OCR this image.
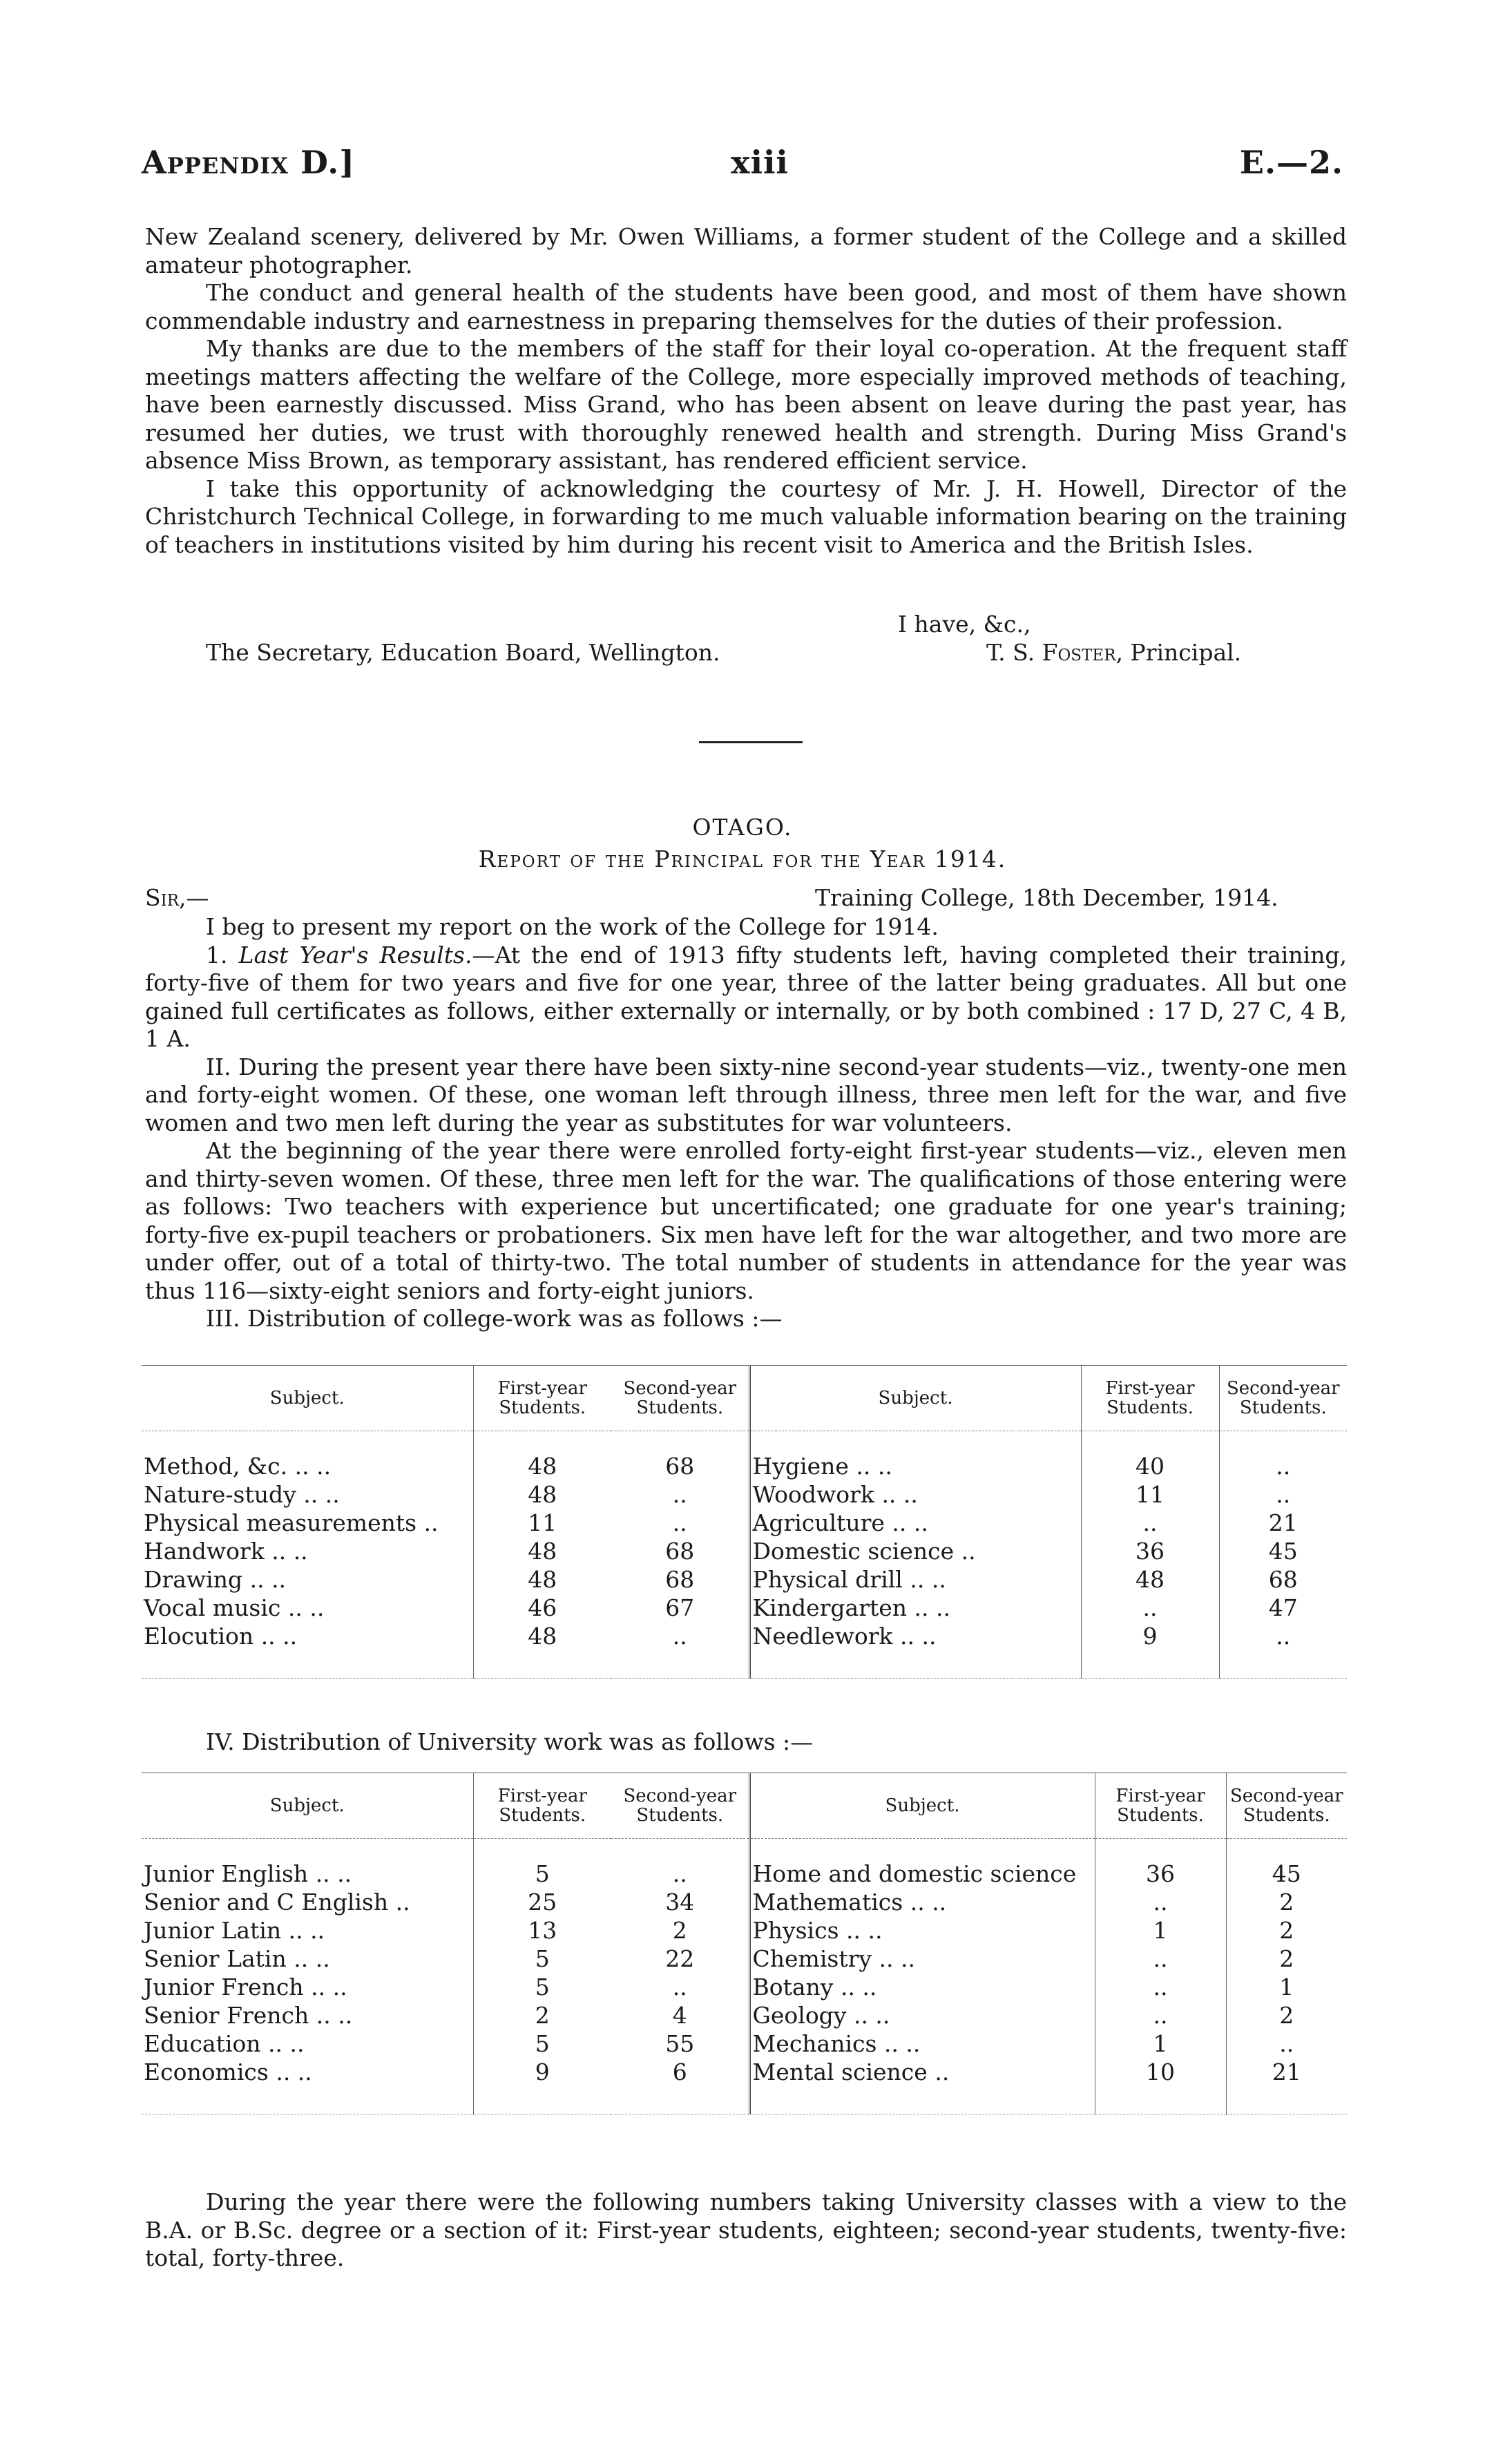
Appendix D.]	xiii	E.—2.

New Zealand scenery, delivered by Mr. Owen Williams, a former student of the College and a skilled amateur photographer.

The conduct and general health of the students have been good, and most of them have shown commendable industry and earnestness in preparing themselves for the duties of their profession.

My thanks are due to the members of the staff for their loyal co-operation. At the frequent staff meetings matters affecting the welfare of the College, more especially improved methods of teaching, have been earnestly discussed. Miss Grand, who has been absent on leave during the past year, has resumed her duties, we trust with thoroughly renewed health and strength. During Miss Grand's absence Miss Brown, as temporary assistant, has rendered efficient service.

I take this opportunity of acknowledging the courtesy of Mr. J. H. Howell, Director of the Christchurch Technical College, in forwarding to me much valuable information bearing on the training of teachers in institutions visited by him during his recent visit to America and the British Isles.

I have, &c.,
The Secretary, Education Board, Wellington.	T. S. Foster, Principal.
OTAGO.
Report of the Principal for the Year 1914.
Sir,—	Training College, 18th December, 1914.

I beg to present my report on the work of the College for 1914.

1. Last Year's Results.—At the end of 1913 fifty students left, having completed their training, forty-five of them for two years and five for one year, three of the latter being graduates. All but one gained full certificates as follows, either externally or internally, or by both combined : 17 D, 27 C, 4 B, 1 A.

II. During the present year there have been sixty-nine second-year students—viz., twenty-one men and forty-eight women. Of these, one woman left through illness, three men left for the war, and five women and two men left during the year as substitutes for war volunteers.

At the beginning of the year there were enrolled forty-eight first-year students—viz., eleven men and thirty-seven women. Of these, three men left for the war. The qualifications of those entering were as follows: Two teachers with experience but uncertificated; one graduate for one year's training; forty-five ex-pupil teachers or probationers. Six men have left for the war altogether, and two more are under offer, out of a total of thirty-two. The total number of students in attendance for the year was thus 116—sixty-eight seniors and forty-eight juniors.

III. Distribution of college-work was as follows :—

Subject.	First-year Students.	Second-year Students.	Subject.	First-year Students.	Second-year Students.

Method, &c. .. ..	48	68	Hygiene .. ..	40	..
Nature-study .. ..	48	..	Woodwork .. ..	11	..
Physical measurements ..	11	..	Agriculture .. ..	..	21
Handwork .. ..	48	68	Domestic science ..	36	45
Drawing .. ..	48	68	Physical drill .. ..	48	68
Vocal music .. ..	46	67	Kindergarten .. ..	..	47
Elocution .. ..	48	..	Needlework .. ..	9	..

IV. Distribution of University work was as follows :—

Subject.	First-year Students.	Second-year Students.	Subject.	First-year Students.	Second-year Students.

Junior English .. ..	5	..	Home and domestic science	36	45
Senior and C English ..	25	34	Mathematics .. ..	..	2
Junior Latin .. ..	13	2	Physics .. ..	1	2
Senior Latin .. ..	5	22	Chemistry .. ..	..	2
Junior French .. ..	5	..	Botany .. ..	..	1
Senior French .. ..	2	4	Geology .. ..	..	2
Education .. ..	5	55	Mechanics .. ..	1	..
Economics .. ..	9	6	Mental science ..	10	21

During the year there were the following numbers taking University classes with a view to the B.A. or B.Sc. degree or a section of it: First-year students, eighteen; second-year students, twenty-five: total, forty-three.
